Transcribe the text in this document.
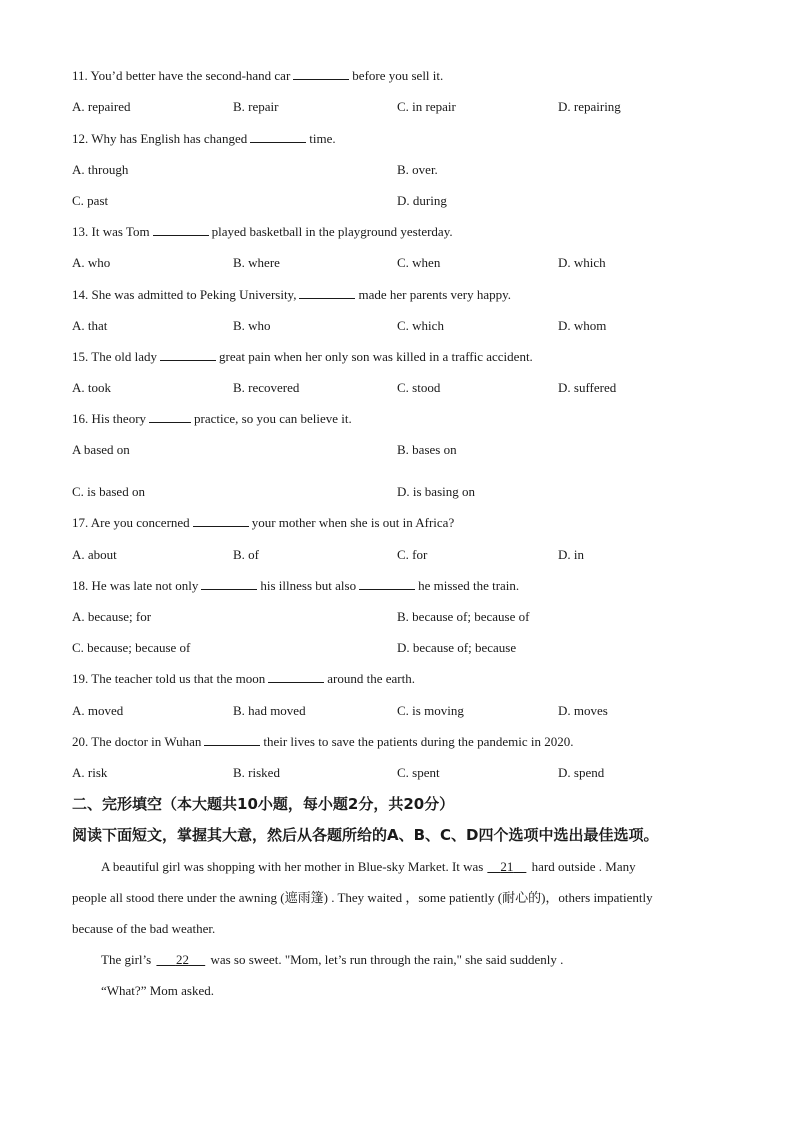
11. You’d better have the second-hand car	before you sell it.
A. repaired	B. repair	C. in repair	D. repairing
12. Why has English has changed	time.
A. through	B. over.
C. past	D. during
13. It was Tom	played basketball in the playground yesterday.
A. who	B. where	C. when	D. which
14. She was admitted to Peking University,	made her parents very happy.
A. that	B. who	C. which	D. whom
15. The old lady	great pain when her only son was killed in a traffic accident.
A. took	B. recovered	C. stood	D. suffered
16. His theory	practice, so you can believe it.
A based on	B. bases on
C. is based on	D. is basing on
17. Are you concerned	your mother when she is out in Africa?
A. about	B. of	C. for	D. in
18. He was late not only	his illness but also	he missed the train.
A. because; for	B. because of; because of
C. because; because of	D. because of; because
19. The teacher told us that the moon	around the earth.
A. moved	B. had moved	C. is moving	D. moves
20. The doctor in Wuhan	their lives to save the patients during the pandemic in 2020.
A. risk	B. risked	C. spent	D. spend
二、完形填空（本大题共10小题，每小题2分，共20分）
阅读下面短文，掌握其大意，然后从各题所给的A、B、C、D四个选项中选出最佳选项。
A beautiful girl was shopping with her mother in Blue-sky Market. It was 21 hard outside . Many
people all stood there under the awning (遮雨篷) . They waited ，some patiently (耐心的)，others impatiently
because of the bad weather.
The girl’s 22 was so sweet. "Mom, let’s run through the rain," she said suddenly .
“What?” Mom asked.
